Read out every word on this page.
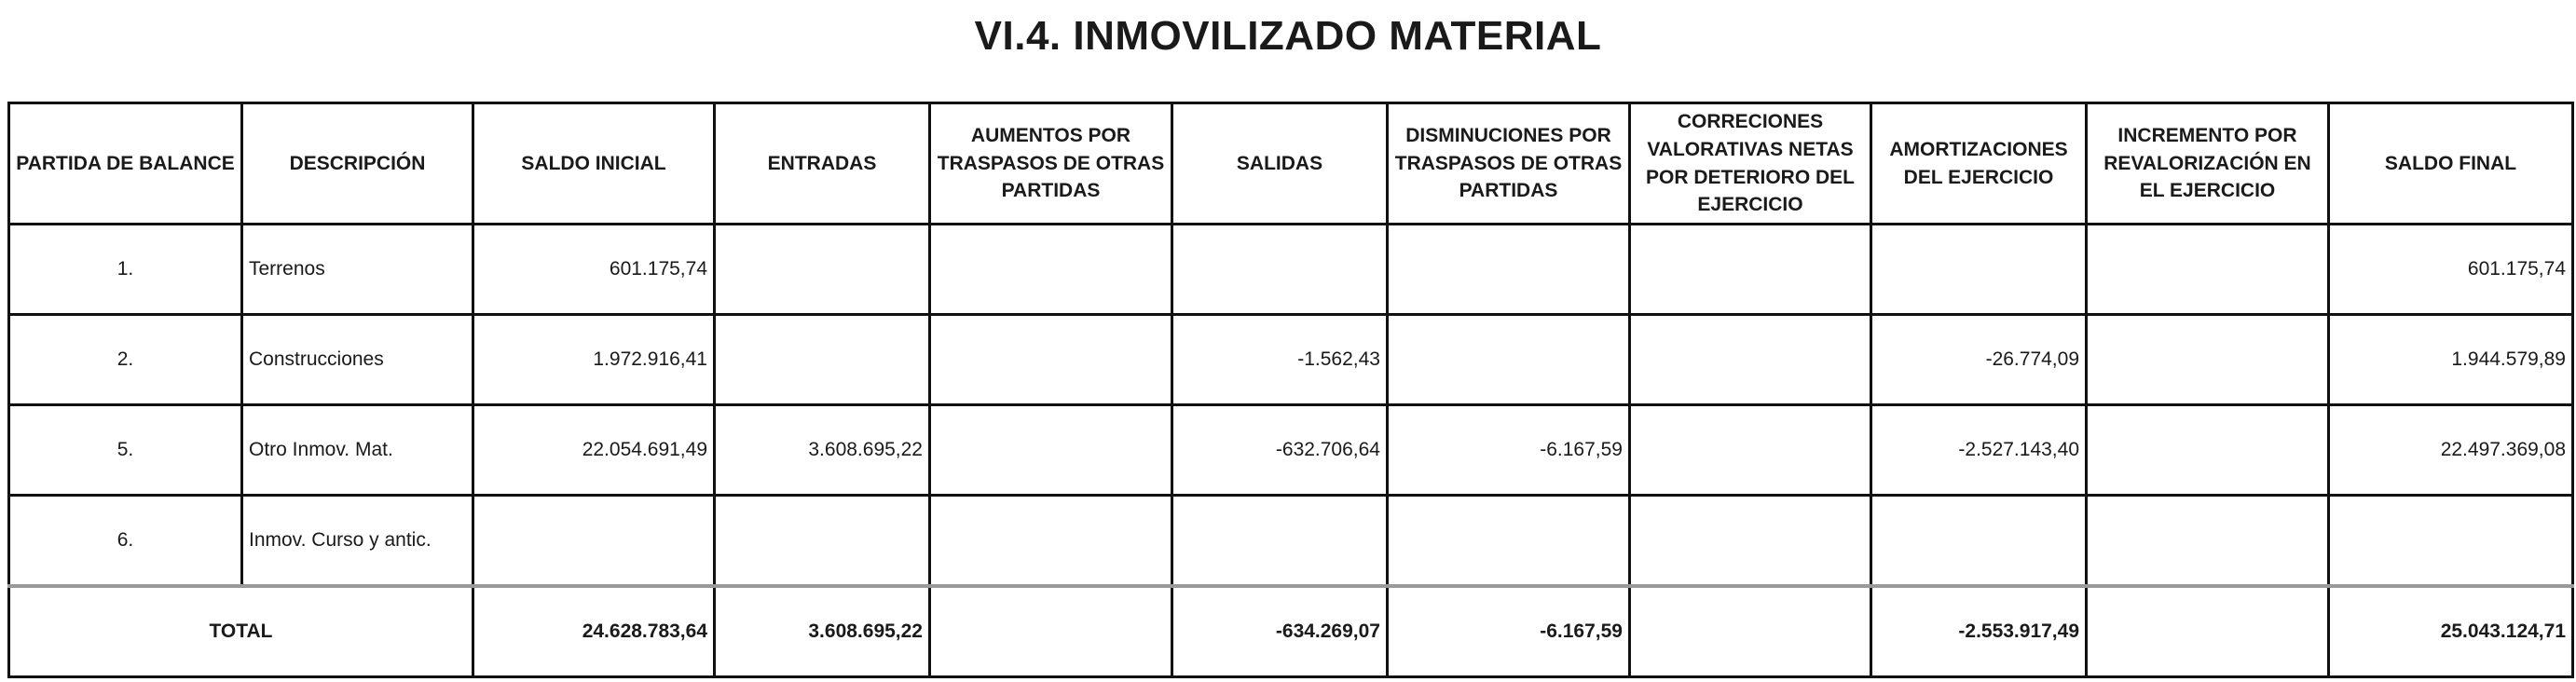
VI.4. INMOVILIZADO MATERIAL
PARTIDA DE BALANCE	DESCRIPCIÓN	SALDO INICIAL	ENTRADAS	AUMENTOS POR TRASPASOS DE OTRAS PARTIDAS	SALIDAS	DISMINUCIONES POR TRASPASOS DE OTRAS PARTIDAS	CORRECIONES VALORATIVAS NETAS POR DETERIORO DEL EJERCICIO	AMORTIZACIONES DEL EJERCICIO	INCREMENTO POR REVALORIZACIÓN EN EL EJERCICIO	SALDO FINAL
1.	Terrenos	601.175,74								601.175,74
2.	Construcciones	1.972.916,41			-1.562,43			-26.774,09		1.944.579,89
5.	Otro Inmov. Mat.	22.054.691,49	3.608.695,22		-632.706,64	-6.167,59		-2.527.143,40		22.497.369,08
6.	Inmov. Curso y antic.									
TOTAL		24.628.783,64	3.608.695,22		-634.269,07	-6.167,59		-2.553.917,49		25.043.124,71
